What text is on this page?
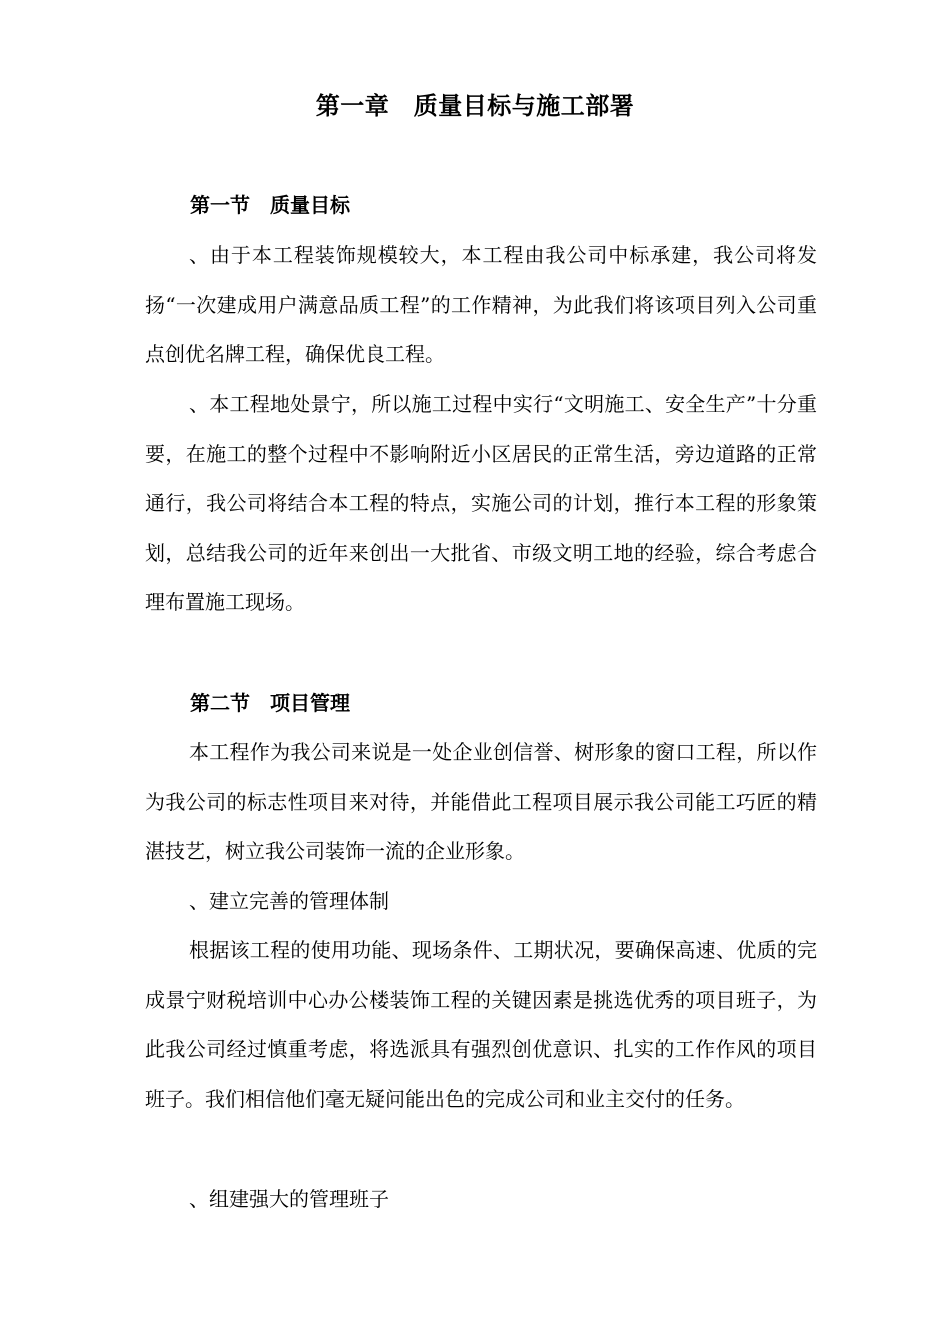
第一章　质量目标与施工部署
第一节　质量目标

、由于本工程装饰规模较大，本工程由我公司中标承建，我公司将发扬“一次建成用户满意品质工程”的工作精神，为此我们将该项目列入公司重点创优名牌工程，确保优良工程。

、本工程地处景宁，所以施工过程中实行“文明施工、安全生产”十分重要，在施工的整个过程中不影响附近小区居民的正常生活，旁边道路的正常通行，我公司将结合本工程的特点，实施公司的计划，推行本工程的形象策划，总结我公司的近年来创出一大批省、市级文明工地的经验，综合考虑合理布置施工现场。

第二节　项目管理

本工程作为我公司来说是一处企业创信誉、树形象的窗口工程，所以作为我公司的标志性项目来对待，并能借此工程项目展示我公司能工巧匠的精湛技艺，树立我公司装饰一流的企业形象。

、建立完善的管理体制

根据该工程的使用功能、现场条件、工期状况，要确保高速、优质的完成景宁财税培训中心办公楼装饰工程的关键因素是挑选优秀的项目班子，为此我公司经过慎重考虑，将选派具有强烈创优意识、扎实的工作作风的项目班子。我们相信他们毫无疑问能出色的完成公司和业主交付的任务。

、组建强大的管理班子
